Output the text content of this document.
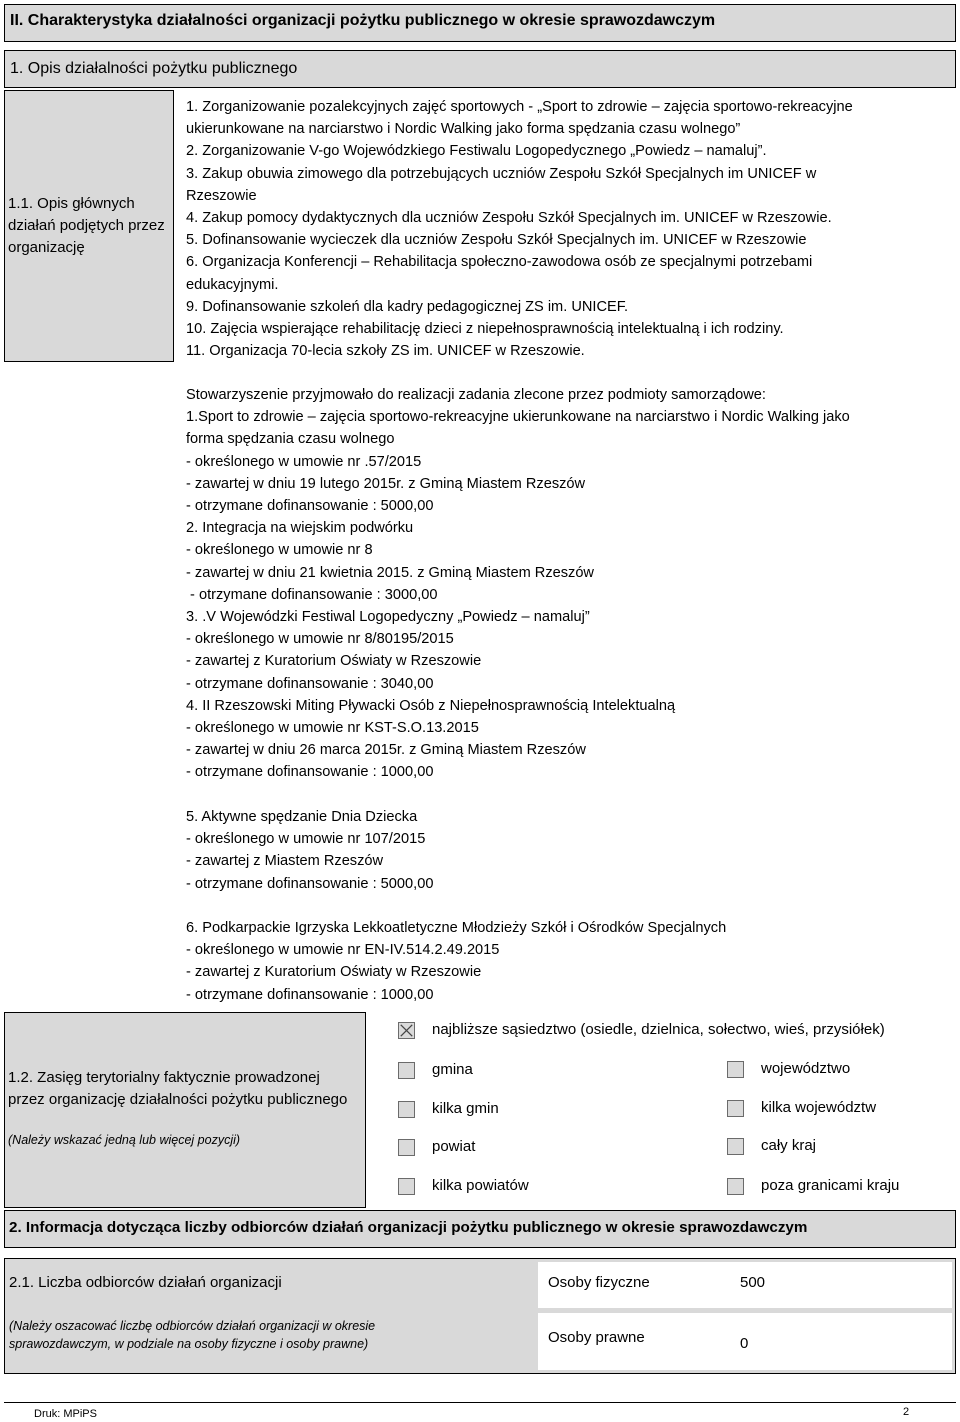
II. Charakterystyka działalności organizacji pożytku publicznego w okresie sprawozdawczym
1. Opis działalności pożytku publicznego
1.1. Opis głównych działań podjętych przez organizację
1. Zorganizowanie pozalekcyjnych zajęć sportowych - „Sport to zdrowie – zajęcia sportowo-rekreacyjne
ukierunkowane na narciarstwo i Nordic Walking jako forma spędzania czasu wolnego”
2. Zorganizowanie V-go Wojewódzkiego Festiwalu Logopedycznego „Powiedz – namaluj”.
3. Zakup obuwia zimowego dla potrzebujących uczniów Zespołu Szkół Specjalnych im UNICEF w
Rzeszowie
4. Zakup pomocy dydaktycznych dla uczniów Zespołu Szkół Specjalnych im. UNICEF w Rzeszowie.
5. Dofinansowanie wycieczek dla uczniów Zespołu Szkół Specjalnych im. UNICEF w Rzeszowie
6. Organizacja Konferencji – Rehabilitacja społeczno-zawodowa osób ze specjalnymi potrzebami
edukacyjnymi.
9. Dofinansowanie szkoleń dla kadry pedagogicznej ZS im. UNICEF.
10. Zajęcia wspierające rehabilitację dzieci z niepełnosprawnością intelektualną i ich rodziny.
11. Organizacja 70-lecia szkoły ZS im. UNICEF w Rzeszowie.
Stowarzyszenie przyjmowało do realizacji zadania zlecone przez podmioty samorządowe:
1.Sport to zdrowie – zajęcia sportowo-rekreacyjne ukierunkowane na narciarstwo i Nordic Walking jako
forma spędzania czasu wolnego
- określonego w umowie nr .57/2015
- zawartej w dniu 19 lutego 2015r. z Gminą Miastem Rzeszów
- otrzymane dofinansowanie : 5000,00
2. Integracja na wiejskim podwórku
- określonego w umowie nr 8
- zawartej w dniu 21 kwietnia 2015. z Gminą Miastem Rzeszów
- otrzymane dofinansowanie : 3000,00
3. .V Wojewódzki Festiwal Logopedyczny „Powiedz – namaluj”
- określonego w umowie nr 8/80195/2015
- zawartej z Kuratorium Oświaty w Rzeszowie
- otrzymane dofinansowanie : 3040,00
4. II Rzeszowski Miting Pływacki Osób z Niepełnosprawnością Intelektualną
- określonego w umowie nr KST-S.O.13.2015
- zawartej w dniu 26 marca 2015r. z Gminą Miastem Rzeszów
- otrzymane dofinansowanie : 1000,00
5. Aktywne spędzanie Dnia Dziecka
- określonego w umowie nr 107/2015
- zawartej z Miastem Rzeszów
- otrzymane dofinansowanie : 5000,00
6. Podkarpackie Igrzyska Lekkoatletyczne Młodzieży Szkół i Ośrodków Specjalnych
- określonego w umowie nr EN-IV.514.2.49.2015
- zawartej z Kuratorium Oświaty w Rzeszowie
- otrzymane dofinansowanie : 1000,00
1.2. Zasięg terytorialny faktycznie prowadzonej przez organizację działalności pożytku publicznego
(Należy wskazać jedną lub więcej pozycji)
najbliższe sąsiedztwo (osiedle, dzielnica, sołectwo, wieś, przysiółek)
gmina
kilka gmin
powiat
kilka powiatów
województwo
kilka województw
cały kraj
poza granicami kraju
2. Informacja dotycząca liczby odbiorców działań organizacji pożytku publicznego w okresie sprawozdawczym
2.1. Liczba odbiorców działań organizacji
(Należy oszacować liczbę odbiorców działań organizacji w okresie sprawozdawczym, w podziale na osoby fizyczne i osoby prawne)
Osoby fizyczne	500
Osoby prawne	0
Druk: MPiPS	2
